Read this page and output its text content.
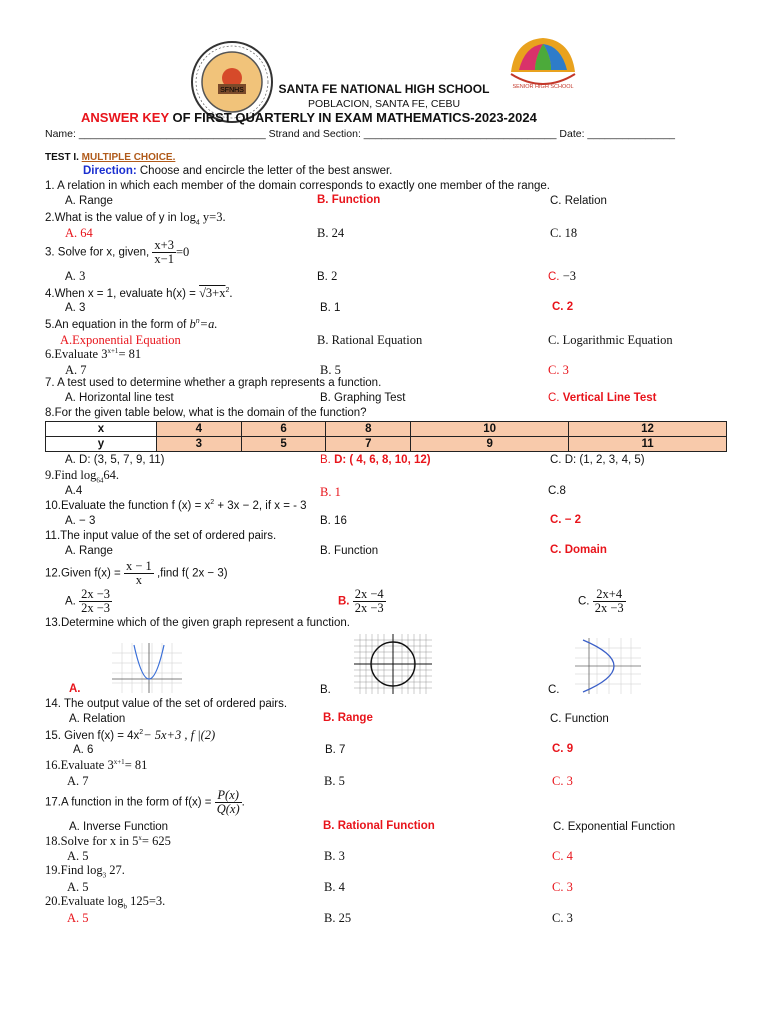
SFNHS	SENIOR HIGH SCHOOL
SANTA FE NATIONAL HIGH SCHOOL
POBLACION, SANTA FE, CEBU
ANSWER KEY OF FIRST QUARTERLY IN EXAM MATHEMATICS-2023-2024
Name: ________________________________ Strand and Section: _________________________________ Date: _______________
TEST I. MULTIPLE CHOICE.
Direction: Choose and encircle the letter of the best answer.
1. A relation in which each member of the domain corresponds to exactly one member of the range.
A. Range	B. Function	C. Relation
2.What is the value of y in $\log_4 y=3$.
A. 64	B. 24	C. 18
3. Solve for x, given, $\frac{x+3}{x-1} =0$
A. 3	B. 2	C. −3
4.When x = 1, evaluate $h(x) = √3+x^2$.
A. 3	B. 1	C. 2
5.An equation in the form of $b^n=a$.
A.Exponential Equation	B. Rational Equation	C. Logarithmic Equation
6.Evaluate $3^{x+1}= 81$
A. 7	B. 5	C. 3
7. A test used to determine whether a graph represents a function.
A. Horizontal line test	B. Graphing Test	C. Vertical Line Test
8.For the given table below, what is the domain of the function?
x	4	6	8	10	12
y	3	5	7	9	11
A. D: (3, 5, 7, 9, 11)	B. D: ( 4, 6, 8, 10, 12)	C. D: (1, 2, 3, 4, 5)
9.Find $\log_{64}64$.
A.4	B. 1	C.8
10.Evaluate the function f $(x) = x^2 + 3x - 2$, if x = - 3
A. − 3	B. 16	C. − 2
11.The input value of the set of ordered pairs.
A. Range	B. Function	C. Domain
12.Given $f(x) = \frac{x - 1}{x}$ ,find f( 2x − 3)
A. $\frac{2x -3}{2x -3}$	B. $\frac{2x -4}{2x -3}$	C. $\frac{2x+4}{2x -3}$
13.Determine which of the given graph represent a function.
A.	B.	C.
14. The output value of the set of ordered pairs.
A. Relation	B. Range	C. Function
15. Given $f(x) = 4x^2- 5x+3$ , f |(2)
A. 6	B. 7	C. 9
16.Evaluate $3^{x+1}= 81$
A. 7	B. 5	C. 3
17.A function in the form of $f(x) = \frac{P(x)}{Q(x)}$ .
A. Inverse Function	B. Rational Function	C. Exponential Function
18.Solve for x in $5^x= 625$
A. 5	B. 3	C. 4
19.Find $\log_3 27$.
A. 5	B. 4	C. 3
20.Evaluate $\log_b 125=3$.
A. 5	B. 25	C. 3
